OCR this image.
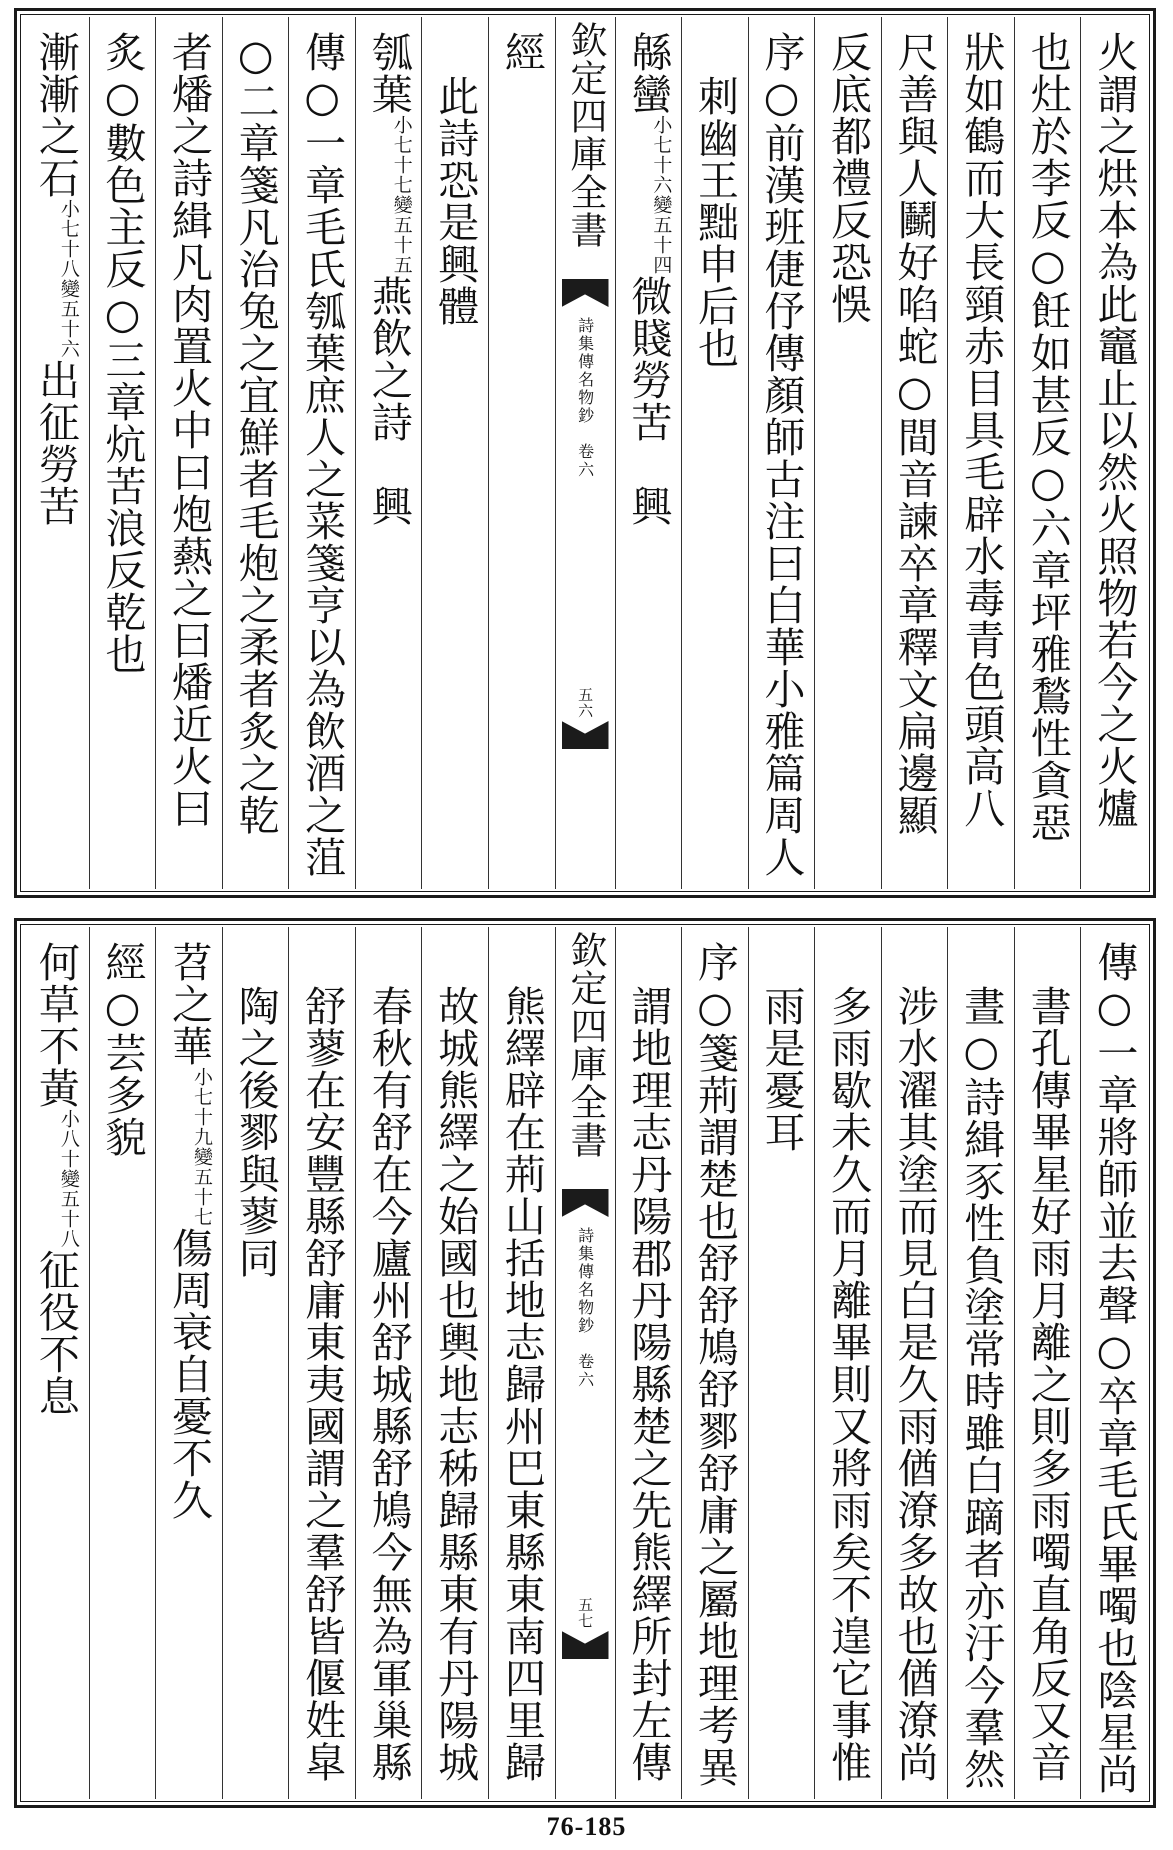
火謂之烘本為此竈止以然火照物若今之火爐
也灶於李反○飪如甚反○六章坪雅鶖性貪惡
狀如鶴而大長頸赤目具毛辟水毒青色頭高八
尺善與人鬭好啗蛇○間音諫卒章釋文扁邊顯
反底都禮反恐悞
序○前漢班倢伃傳顏師古注曰白華小雅篇周人
刺幽王黜申后也
緜蠻小七十六變五十四微賤勞苦　興
欽定四庫全書
詩集傳名物鈔　卷六
五六
經
此詩恐是興體
瓠葉小七十七變五十五燕飲之詩　興
傳○一章毛氏瓠葉庶人之菜箋亨以為飲酒之菹
○二章箋凡治兔之宜鮮者毛炮之柔者炙之乾
者燔之詩緝凡肉置火中曰炮爇之曰燔近火曰
炙○數色主反○三章炕苦浪反乾也
漸漸之石小七十八變五十六出征勞苦
傳○一章將師並去聲○卒章毛氏畢噣也陰星尚
書孔傳畢星好雨月離之則多雨噣直角反又音
晝○詩緝豕性負塗常時雖白蹢者亦汙今羣然
涉水濯其塗而見白是久雨偤潦多故也偤潦尚
多雨歇未久而月離畢則又將雨矣不遑它事惟
雨是憂耳
序○箋荊謂楚也舒舒鳩舒鄝舒庸之屬地理考異
謂地理志丹陽郡丹陽縣楚之先熊繹所封左傳
欽定四庫全書
詩集傳名物鈔　卷六
五七
熊繹辟在荊山括地志歸州巴東縣東南四里歸
故城熊繹之始國也輿地志秭歸縣東有丹陽城
春秋有舒在今廬州舒城縣舒鳩今無為軍巢縣
舒蓼在安豐縣舒庸東夷國謂之羣舒皆偃姓皐
陶之後鄝與蓼同
苕之華小七十九變五十七傷周衰自憂不久
經○芸多貌
何草不黃小八十變五十八征役不息
76-185
